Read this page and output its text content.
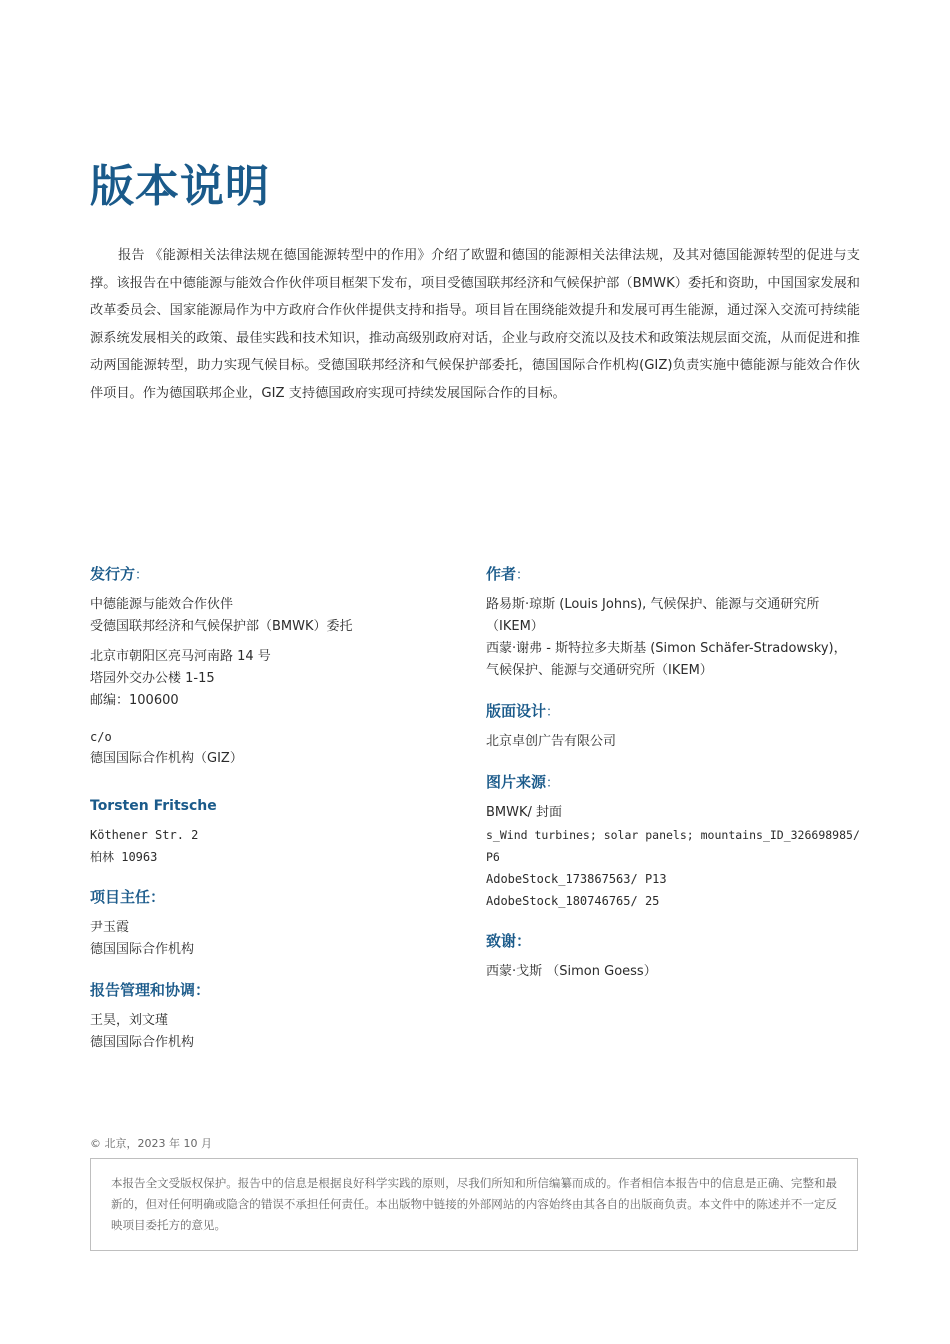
版本说明

报告 《能源相关法律法规在德国能源转型中的作用》介绍了欧盟和德国的能源相关法律法规，及其对德国能源转型的促进与支撑。该报告在中德能源与能效合作伙伴项目框架下发布，项目受德国联邦经济和气候保护部（BMWK）委托和资助，中国国家发展和改革委员会、国家能源局作为中方政府合作伙伴提供支持和指导。项目旨在围绕能效提升和发展可再生能源，通过深入交流可持续能源系统发展相关的政策、最佳实践和技术知识，推动高级别政府对话，企业与政府交流以及技术和政策法规层面交流，从而促进和推动两国能源转型，助力实现气候目标。受德国联邦经济和气候保护部委托，德国国际合作机构(GIZ)负责实施中德能源与能效合作伙伴项目。作为德国联邦企业，GIZ 支持德国政府实现可持续发展国际合作的目标。

发行方：

中德能源与能效合作伙伴

受德国联邦经济和气候保护部（BMWK）委托

北京市朝阳区亮马河南路 14 号

塔园外交办公楼 1-15

邮编：100600

c/o

德国国际合作机构（GIZ）

Torsten Fritsche

Köthener Str. 2

柏林 10963

项目主任：

尹玉霞

德国国际合作机构

报告管理和协调：

王昊，刘文瑾

德国国际合作机构

作者：

路易斯·琼斯 (Louis Johns), 气候保护、能源与交通研究所

（IKEM）

西蒙·谢弗 - 斯特拉多夫斯基 (Simon Schäfer-Stradowsky)，

气候保护、能源与交通研究所（IKEM）

版面设计：

北京卓创广告有限公司

图片来源：

BMWK/ 封面

s_Wind turbines; solar panels; mountains_ID_326698985/ P6

AdobeStock_173867563/ P13

AdobeStock_180746765/ 25

致谢：

西蒙·戈斯 （Simon Goess）

© 北京，2023 年 10 月

本报告全文受版权保护。报告中的信息是根据良好科学实践的原则，尽我们所知和所信编纂而成的。作者相信本报告中的信息是正确、完整和最新的，但对任何明确或隐含的错误不承担任何责任。本出版物中链接的外部网站的内容始终由其各自的出版商负责。本文件中的陈述并不一定反映项目委托方的意见。
